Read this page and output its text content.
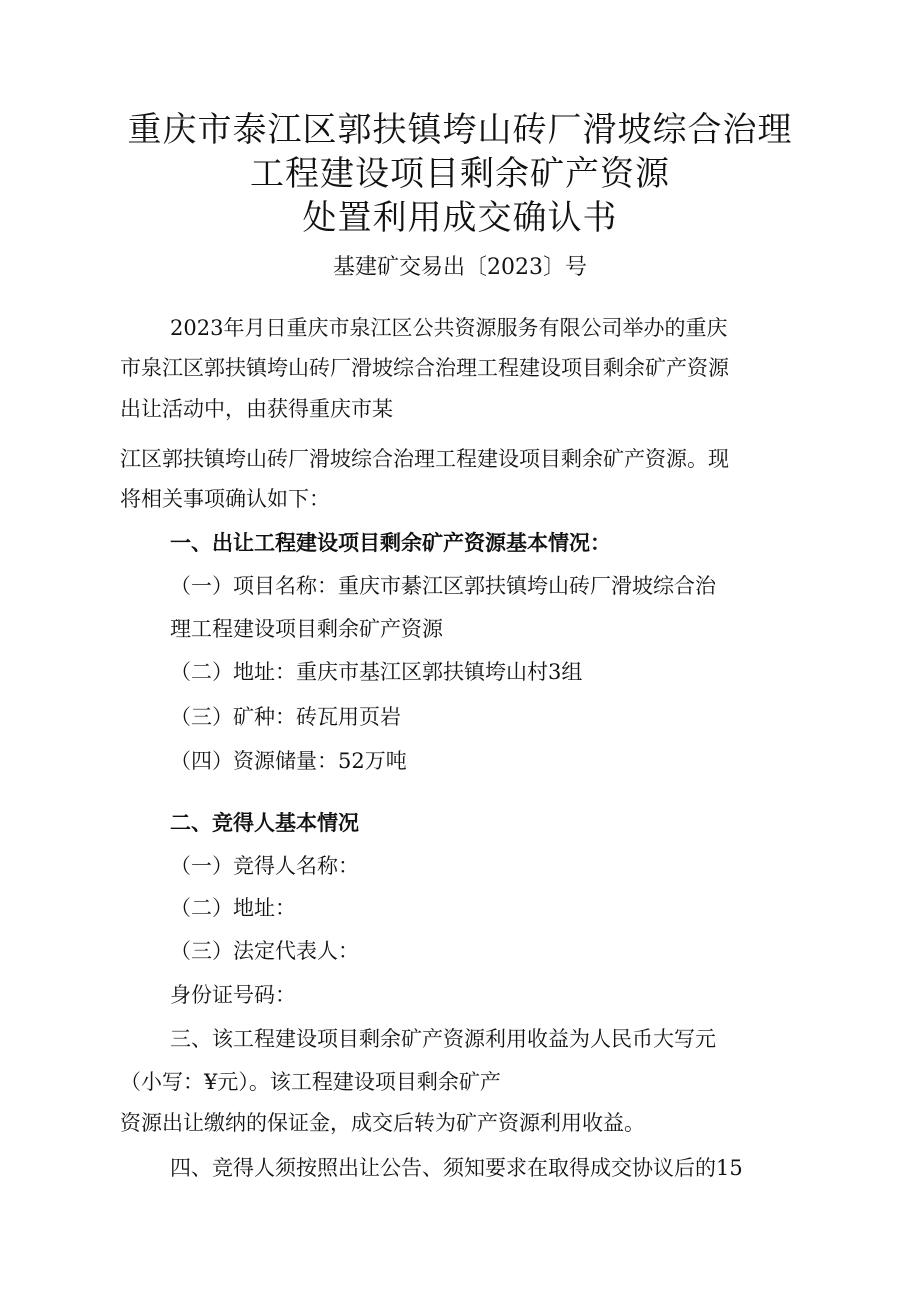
重庆市泰江区郭扶镇垮山砖厂滑坡综合治理
工程建设项目剩余矿产资源
处置利用成交确认书

基建矿交易出〔2023〕号

2023年月日重庆市泉江区公共资源服务有限公司举办的重庆

市泉江区郭扶镇垮山砖厂滑坡综合治理工程建设项目剩余矿产资源

出让活动中，由获得重庆市某

江区郭扶镇垮山砖厂滑坡综合治理工程建设项目剩余矿产资源。现

将相关事项确认如下：

一、出让工程建设项目剩余矿产资源基本情况：

（一）项目名称：重庆市綦江区郭扶镇垮山砖厂滑坡综合治

理工程建设项目剩余矿产资源

（二）地址：重庆市基江区郭扶镇垮山村3组

（三）矿种：砖瓦用页岩

（四）资源储量：52万吨

二、竞得人基本情况

（一）竞得人名称：

（二）地址：

（三）法定代表人：

身份证号码：

三、该工程建设项目剩余矿产资源利用收益为人民币大写元

（小写：¥元）。该工程建设项目剩余矿产

资源出让缴纳的保证金，成交后转为矿产资源利用收益。

四、竞得人须按照出让公告、须知要求在取得成交协议后的15
